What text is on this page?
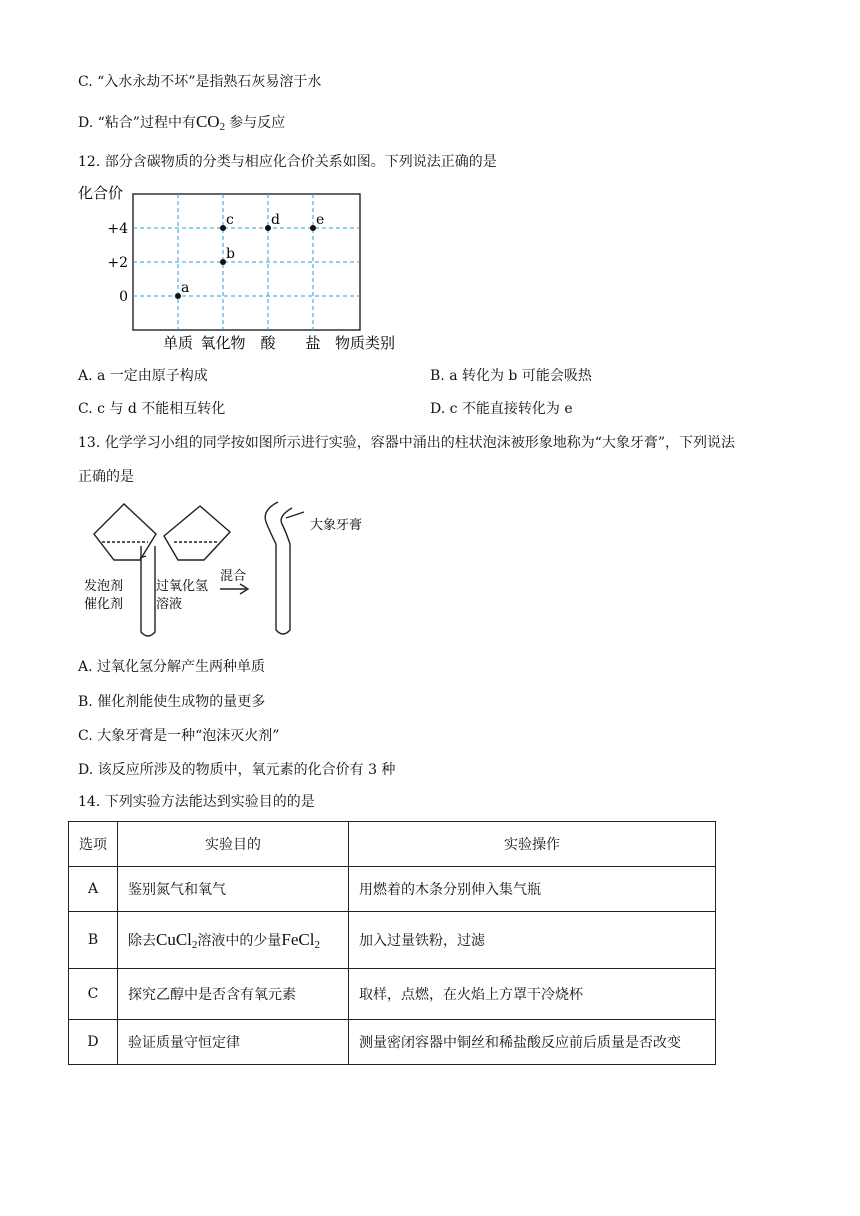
C. “入水永劫不坏”是指熟石灰易溶于水
D. “粘合”过程中有$CO_2$ 参与反应
12. 部分含碳物质的分类与相应化合价关系如图。下列说法正确的是
化合价
物质类别
单质 氧化物 酸 盐
+4
+2
0
a
b
c	d	e
A. a 一定由原子构成	B. a 转化为 b 可能会吸热
C. c 与 d 不能相互转化	D. c 不能直接转化为 e
13. 化学学习小组的同学按如图所示进行实验，容器中涌出的柱状泡沫被形象地称为“大象牙膏”，下列说法
正确的是
发泡剂
催化剂
过氧化氢
溶液
混合
大象牙膏
A. 过氧化氢分解产生两种单质
B. 催化剂能使生成物的量更多
C. 大象牙膏是一种“泡沫灭火剂”
D. 该反应所涉及的物质中，氧元素的化合价有 3 种
14. 下列实验方法能达到实验目的的是
选项	实验目的	实验操作
A	鉴别氮气和氧气	用燃着的木条分别伸入集气瓶
B	除去CuCl$_2$溶液中的少量FeCl$_2$	加入过量铁粉，过滤
C	探究乙醇中是否含有氧元素	取样，点燃，在火焰上方罩干冷烧杯
D	验证质量守恒定律	测量密闭容器中铜丝和稀盐酸反应前后质量是否改变
